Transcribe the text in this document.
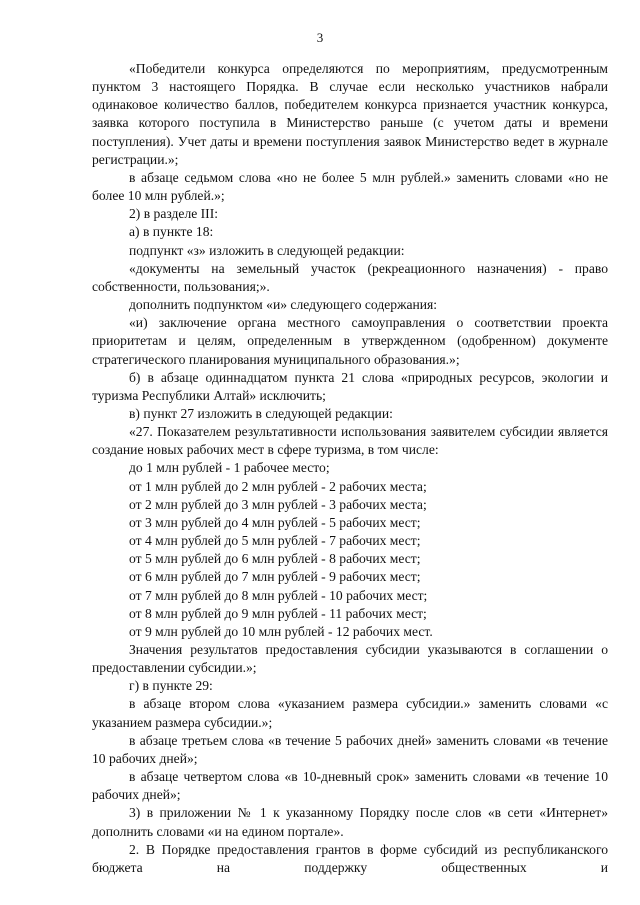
3

«Победители конкурса определяются по мероприятиям, предусмотренным пунктом 3 настоящего Порядка. В случае если несколько участников набрали одинаковое количество баллов, победителем конкурса признается участник конкурса, заявка которого поступила в Министерство раньше (с учетом даты и времени поступления). Учет даты и времени поступления заявок Министерство ведет в журнале регистрации.»;

в абзаце седьмом слова «но не более 5 млн рублей.» заменить словами «но не более 10 млн рублей.»;

2) в разделе III:

а) в пункте 18:

подпункт «з» изложить в следующей редакции:

«документы на земельный участок (рекреационного назначения) - право собственности, пользования;».

дополнить подпунктом «и» следующего содержания:

«и) заключение органа местного самоуправления о соответствии проекта приоритетам и целям, определенным в утвержденном (одобренном) документе стратегического планирования муниципального образования.»;

б) в абзаце одиннадцатом пункта 21 слова «природных ресурсов, экологии и туризма Республики Алтай» исключить;

в) пункт 27 изложить в следующей редакции:

«27. Показателем результативности использования заявителем субсидии является создание новых рабочих мест в сфере туризма, в том числе:

до 1 млн рублей - 1 рабочее место;

от 1 млн рублей до 2 млн рублей - 2 рабочих места;

от 2 млн рублей до 3 млн рублей - 3 рабочих места;

от 3 млн рублей до 4 млн рублей - 5 рабочих мест;

от 4 млн рублей до 5 млн рублей - 7 рабочих мест;

от 5 млн рублей до 6 млн рублей - 8 рабочих мест;

от 6 млн рублей до 7 млн рублей - 9 рабочих мест;

от 7 млн рублей до 8 млн рублей - 10 рабочих мест;

от 8 млн рублей до 9 млн рублей - 11 рабочих мест;

от 9 млн рублей до 10 млн рублей - 12 рабочих мест.

Значения результатов предоставления субсидии указываются в соглашении о предоставлении субсидии.»;

г) в пункте 29:

в абзаце втором слова «указанием размера субсидии.» заменить словами «с указанием размера субсидии.»;

в абзаце третьем слова «в течение 5 рабочих дней» заменить словами «в течение 10 рабочих дней»;

в абзаце четвертом слова «в 10-дневный срок» заменить словами «в течение 10 рабочих дней»;

3) в приложении № 1 к указанному Порядку после слов «в сети «Интернет» дополнить словами «и на едином портале».

2. В Порядке предоставления грантов в форме субсидий из республиканского бюджета на поддержку общественных и
